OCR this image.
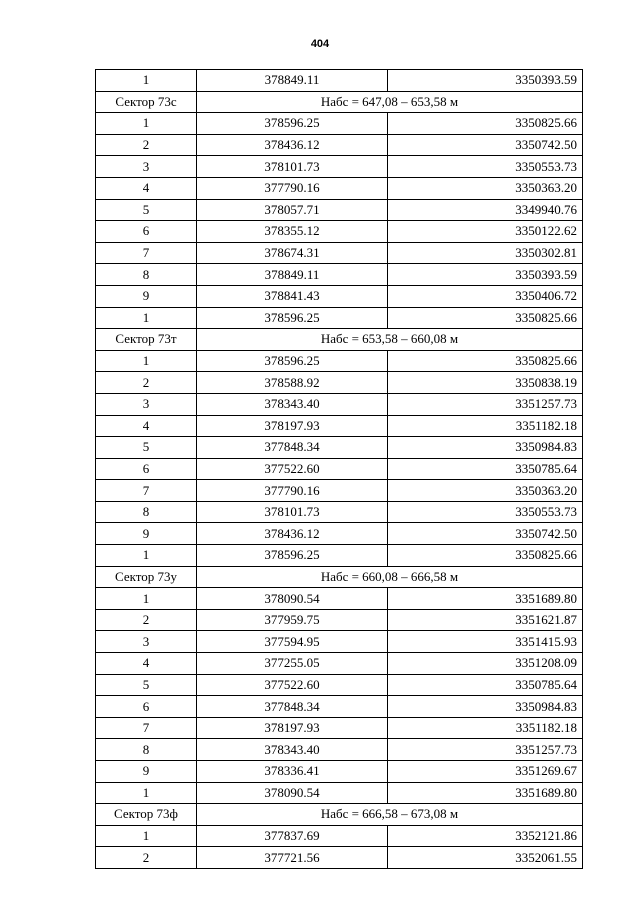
404
1	378849.11	3350393.59
Сектор 73с	Набс = 647,08 – 653,58 м	
1	378596.25	3350825.66
2	378436.12	3350742.50
3	378101.73	3350553.73
4	377790.16	3350363.20
5	378057.71	3349940.76
6	378355.12	3350122.62
7	378674.31	3350302.81
8	378849.11	3350393.59
9	378841.43	3350406.72
1	378596.25	3350825.66
Сектор 73т	Набс = 653,58 – 660,08 м	
1	378596.25	3350825.66
2	378588.92	3350838.19
3	378343.40	3351257.73
4	378197.93	3351182.18
5	377848.34	3350984.83
6	377522.60	3350785.64
7	377790.16	3350363.20
8	378101.73	3350553.73
9	378436.12	3350742.50
1	378596.25	3350825.66
Сектор 73у	Набс = 660,08 – 666,58 м	
1	378090.54	3351689.80
2	377959.75	3351621.87
3	377594.95	3351415.93
4	377255.05	3351208.09
5	377522.60	3350785.64
6	377848.34	3350984.83
7	378197.93	3351182.18
8	378343.40	3351257.73
9	378336.41	3351269.67
1	378090.54	3351689.80
Сектор 73ф	Набс = 666,58 – 673,08 м	
1	377837.69	3352121.86
2	377721.56	3352061.55
